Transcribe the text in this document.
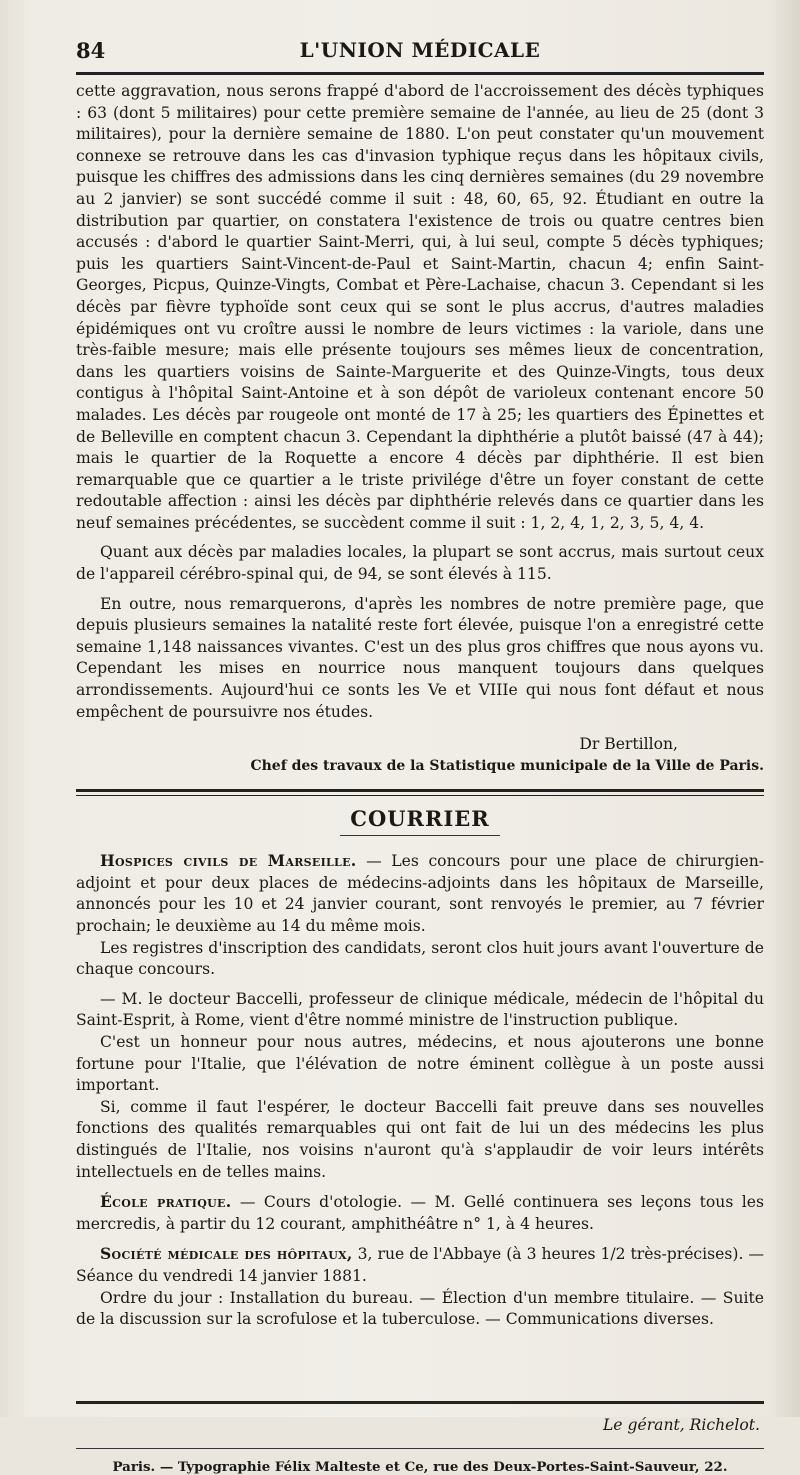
84	L'UNION MÉDICALE

cette aggravation, nous serons frappé d'abord de l'accroissement des décès typhiques : 63 (dont 5 militaires) pour cette première semaine de l'année, au lieu de 25 (dont 3 militaires), pour la dernière semaine de 1880. L'on peut constater qu'un mouvement connexe se retrouve dans les cas d'invasion typhique reçus dans les hôpitaux civils, puisque les chiffres des admissions dans les cinq dernières semaines (du 29 novembre au 2 janvier) se sont succédé comme il suit : 48, 60, 65, 92. Étudiant en outre la distribution par quartier, on constatera l'existence de trois ou quatre centres bien accusés : d'abord le quartier Saint-Merri, qui, à lui seul, compte 5 décès typhiques; puis les quartiers Saint-Vincent-de-Paul et Saint-Martin, chacun 4; enfin Saint-Georges, Picpus, Quinze-Vingts, Combat et Père-Lachaise, chacun 3. Cependant si les décès par fièvre typhoïde sont ceux qui se sont le plus accrus, d'autres maladies épidémiques ont vu croître aussi le nombre de leurs victimes : la variole, dans une très-faible mesure; mais elle présente toujours ses mêmes lieux de concentration, dans les quartiers voisins de Sainte-Marguerite et des Quinze-Vingts, tous deux contigus à l'hôpital Saint-Antoine et à son dépôt de varioleux contenant encore 50 malades. Les décès par rougeole ont monté de 17 à 25; les quartiers des Épinettes et de Belleville en comptent chacun 3. Cependant la diphthérie a plutôt baissé (47 à 44); mais le quartier de la Roquette a encore 4 décès par diphthérie. Il est bien remarquable que ce quartier a le triste privilége d'être un foyer constant de cette redoutable affection : ainsi les décès par diphthérie relevés dans ce quartier dans les neuf semaines précédentes, se succèdent comme il suit : 1, 2, 4, 1, 2, 3, 5, 4, 4.

Quant aux décès par maladies locales, la plupart se sont accrus, mais surtout ceux de l'appareil cérébro-spinal qui, de 94, se sont élevés à 115.

En outre, nous remarquerons, d'après les nombres de notre première page, que depuis plusieurs semaines la natalité reste fort élevée, puisque l'on a enregistré cette semaine 1,148 naissances vivantes. C'est un des plus gros chiffres que nous ayons vu. Cependant les mises en nourrice nous manquent toujours dans quelques arrondissements. Aujourd'hui ce sonts les Ve et VIIIe qui nous font défaut et nous empêchent de poursuivre nos études.

Dr Bertillon,
Chef des travaux de la Statistique municipale de la Ville de Paris.
COURRIER

Hospices civils de Marseille. — Les concours pour une place de chirurgien-adjoint et pour deux places de médecins-adjoints dans les hôpitaux de Marseille, annoncés pour les 10 et 24 janvier courant, sont renvoyés le premier, au 7 février prochain; le deuxième au 14 du même mois.

Les registres d'inscription des candidats, seront clos huit jours avant l'ouverture de chaque concours.

— M. le docteur Baccelli, professeur de clinique médicale, médecin de l'hôpital du Saint-Esprit, à Rome, vient d'être nommé ministre de l'instruction publique.

C'est un honneur pour nous autres, médecins, et nous ajouterons une bonne fortune pour l'Italie, que l'élévation de notre éminent collègue à un poste aussi important.

Si, comme il faut l'espérer, le docteur Baccelli fait preuve dans ses nouvelles fonctions des qualités remarquables qui ont fait de lui un des médecins les plus distingués de l'Italie, nos voisins n'auront qu'à s'applaudir de voir leurs intérêts intellectuels en de telles mains.

École pratique. — Cours d'otologie. — M. Gellé continuera ses leçons tous les mercredis, à partir du 12 courant, amphithéâtre n° 1, à 4 heures.

Société médicale des hôpitaux, 3, rue de l'Abbaye (à 3 heures 1/2 très-précises). — Séance du vendredi 14 janvier 1881.

Ordre du jour : Installation du bureau. — Élection d'un membre titulaire. — Suite de la discussion sur la scrofulose et la tuberculose. — Communications diverses.

Le gérant, Richelot.
Paris. — Typographie Félix Malteste et Ce, rue des Deux-Portes-Saint-Sauveur, 22.
